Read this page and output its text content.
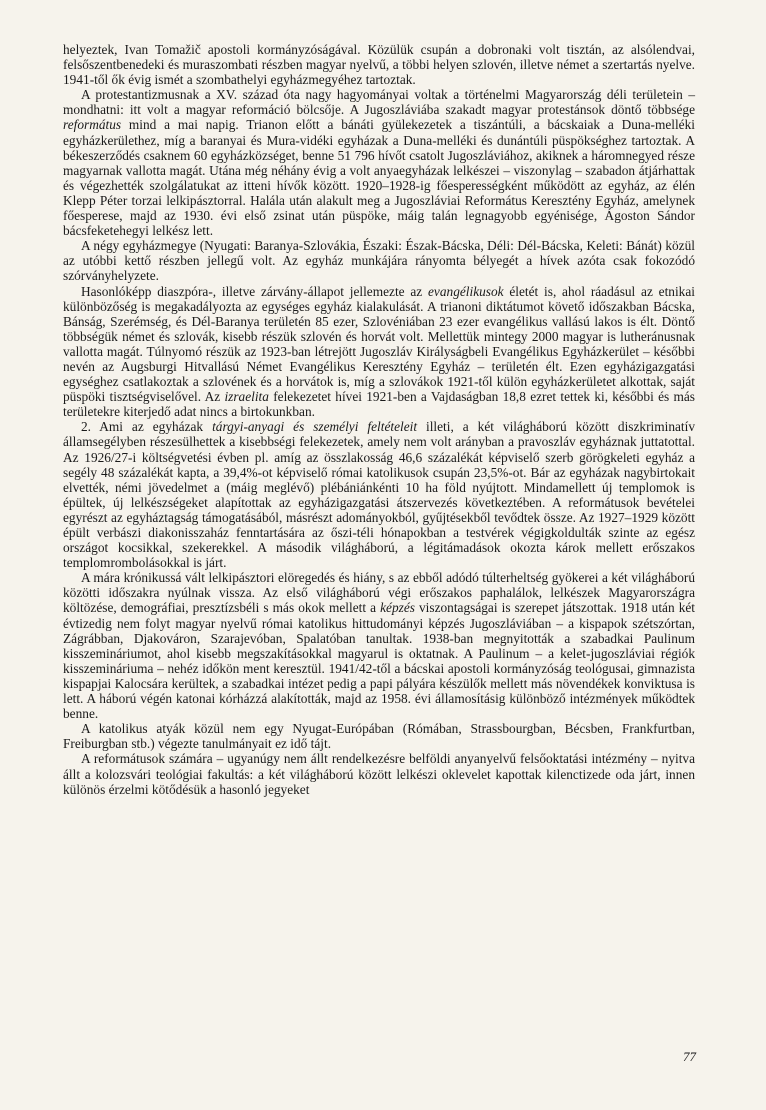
helyeztek, Ivan Tomažič apostoli kormányzóságával. Közülük csupán a dobronaki volt tisztán, az alsólendvai, felsőszentbenedeki és muraszombati részben magyar nyelvű, a többi helyen szlovén, illetve német a szertartás nyelve. 1941-től ők évig ismét a szombathelyi egyházmegyéhez tartoztak.

A protestantizmusnak a XV. század óta nagy hagyományai voltak a történelmi Magyarország déli területein – mondhatni: itt volt a magyar reformáció bölcsője. A Jugoszláviába szakadt magyar protestánsok döntő többsége református mind a mai napig. Trianon előtt a bánáti gyülekezetek a tiszántúli, a bácskaiak a Duna-melléki egyházkerülethez, míg a baranyai és Mura-vidéki egyházak a Duna-melléki és dunántúli püspökséghez tartoztak. A békeszerződés csaknem 60 egyházközséget, benne 51 796 hívőt csatolt Jugoszláviához, akiknek a háromnegyed része magyarnak vallotta magát. Utána még néhány évig a volt anyaegyházak lelkészei – viszonylag – szabadon átjárhattak és végezhették szolgálatukat az itteni hívők között. 1920–1928-ig főesperességként működött az egyház, az élén Klepp Péter torzai lelkipásztorral. Halála után alakult meg a Jugoszláviai Református Keresztény Egyház, amelynek főesperese, majd az 1930. évi első zsinat után püspöke, máig talán legnagyobb egyénisége, Ágoston Sándor bácsfeketehegyi lelkész lett.

A négy egyházmegye (Nyugati: Baranya-Szlovákia, Északi: Észak-Bácska, Déli: Dél-Bácska, Keleti: Bánát) közül az utóbbi kettő részben jellegű volt. Az egyház munkájára rányomta bélyegét a hívek azóta csak fokozódó szórványhelyzete.

Hasonlóképp diaszpóra-, illetve zárvány-állapot jellemezte az evangélikusok életét is, ahol ráadásul az etnikai különbözőség is megakadályozta az egységes egyház kialakulását. A trianoni diktátumot követő időszakban Bácska, Bánság, Szerémség, és Dél-Baranya területén 85 ezer, Szlovéniában 23 ezer evangélikus vallású lakos is élt. Döntő többségük német és szlovák, kisebb részük szlovén és horvát volt. Mellettük mintegy 2000 magyar is lutheránusnak vallotta magát. Túlnyomó részük az 1923-ban létrejött Jugoszláv Királyságbeli Evangélikus Egyházkerület – későbbi nevén az Augsburgi Hitvallású Német Evangélikus Keresztény Egyház – területén élt. Ezen egyházigazgatási egységhez csatlakoztak a szlovének és a horvátok is, míg a szlovákok 1921-től külön egyházkerületet alkottak, saját püspöki tisztségviselővel. Az izraelita felekezetet hívei 1921-ben a Vajdaságban 18,8 ezret tettek ki, későbbi és más területekre kiterjedő adat nincs a birtokunkban.

2. Ami az egyházak tárgyi-anyagi és személyi feltételeit illeti, a két világháború között diszkriminatív államsegélyben részesülhettek a kisebbségi felekezetek, amely nem volt arányban a pravoszláv egyháznak juttatottal. Az 1926/27-i költségvetési évben pl. amíg az összlakosság 46,6 százalékát képviselő szerb görögkeleti egyház a segély 48 százalékát kapta, a 39,4%-ot képviselő római katolikusok csupán 23,5%-ot. Bár az egyházak nagybirtokait elvették, némi jövedelmet a (máig meglévő) plébániánkénti 10 ha föld nyújtott. Mindamellett új templomok is épültek, új lelkészségeket alapítottak az egyházigazgatási átszervezés következtében. A reformátusok bevételei egyrészt az egyháztagság támogatásából, másrészt adományokból, gyűjtésekből tevődtek össze. Az 1927–1929 között épült verbászi diakonisszaház fenntartására az őszi-téli hónapokban a testvérek végigkoldulták szinte az egész országot kocsikkal, szekerekkel. A második világháború, a légitámadások okozta károk mellett erőszakos templomrombolásokkal is járt.

A mára krónikussá vált lelkipásztori elöregedés és hiány, s az ebből adódó túlterheltség gyökerei a két világháború közötti időszakra nyúlnak vissza. Az első világháború végi erőszakos paphalálok, lelkészek Magyarországra költözése, demográfiai, presztízsbéli s más okok mellett a képzés viszontagságai is szerepet játszottak. 1918 után két évtizedig nem folyt magyar nyelvű római katolikus hittudományi képzés Jugoszláviában – a kispapok szétszórtan, Zágrábban, Djakováron, Szarajevóban, Spalatóban tanultak. 1938-ban megnyitották a szabadkai Paulinum kisszemináriumot, ahol kisebb megszakításokkal magyarul is oktatnak. A Paulinum – a kelet-jugoszláviai régiók kisszemináriuma – nehéz időkön ment keresztül. 1941/42-től a bácskai apostoli kormányzóság teológusai, gimnazista kispapjai Kalocsára kerültek, a szabadkai intézet pedig a papi pályára készülők mellett más növendékek konviktusa is lett. A háború végén katonai kórházzá alakították, majd az 1958. évi államosításig különböző intézmények működtek benne.

A katolikus atyák közül nem egy Nyugat-Európában (Rómában, Strassbourgban, Bécsben, Frankfurtban, Freiburgban stb.) végezte tanulmányait ez idő tájt.

A reformátusok számára – ugyanúgy nem állt rendelkezésre belföldi anyanyelvű felsőoktatási intézmény – nyitva állt a kolozsvári teológiai fakultás: a két világháború között lelkészi oklevelet kapottak kilenctizede oda járt, innen különös érzelmi kötődésük a hasonló jegyeket

77
